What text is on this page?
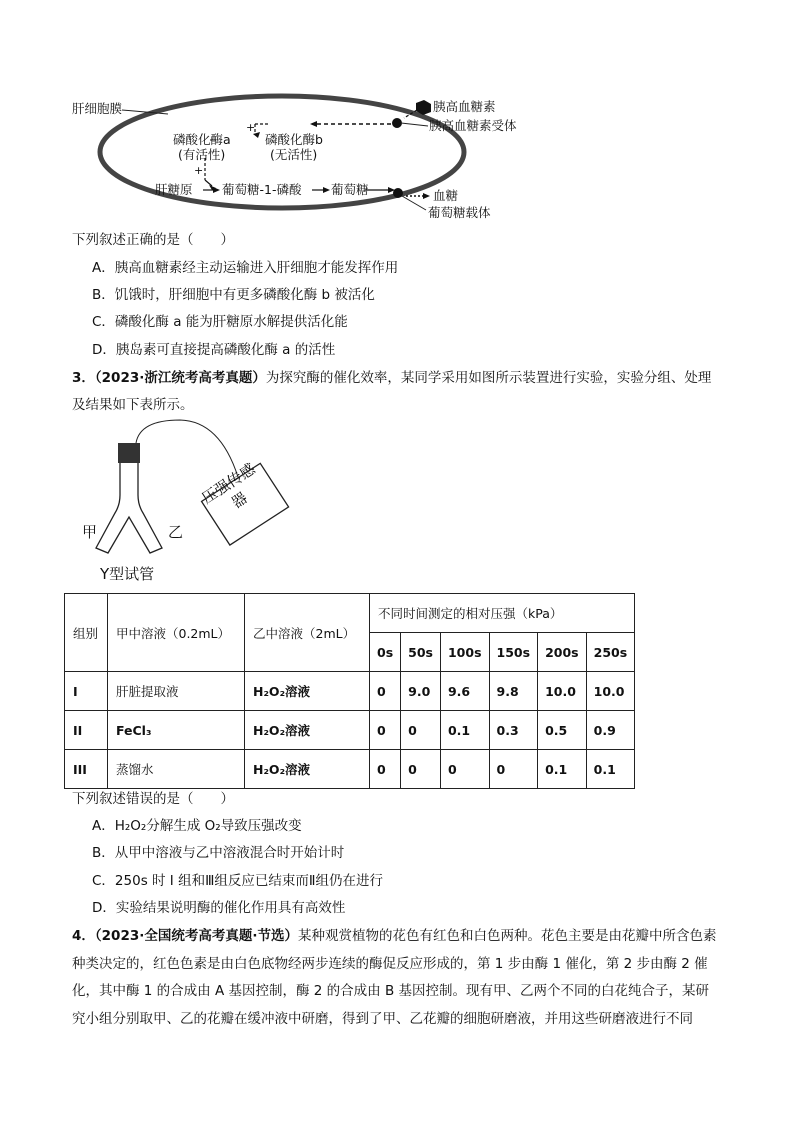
肝细胞膜	胰高血糖素
胰高血糖素受体
+
磷酸化酶a
(有活性)
磷酸化酶b
(无活性)
+
肝糖原 葡萄糖-1-磷酸 葡萄糖	血糖
葡萄糖载体
下列叙述正确的是（　　）
A．胰高血糖素经主动运输进入肝细胞才能发挥作用
B．饥饿时，肝细胞中有更多磷酸化酶 b 被活化
C．磷酸化酶 a 能为肝糖原水解提供活化能
D．胰岛素可直接提高磷酸化酶 a 的活性
3．（2023·浙江统考高考真题）为探究酶的催化效率，某同学采用如图所示装置进行实验，实验分组、处理
及结果如下表所示。
甲	乙
Y型试管
压强传感器
组别	甲中溶液（0.2mL）	乙中溶液（2mL）	不同时间测定的相对压强（kPa）					
			0s	50s	100s	150s	200s	250s
I	肝脏提取液	H₂O₂溶液	0	9.0	9.6	9.8	10.0	10.0
II	FeCl₃	H₂O₂溶液	0	0	0.1	0.3	0.5	0.9
III	蒸馏水	H₂O₂溶液	0	0	0	0	0.1	0.1
下列叙述错误的是（　　）
A．H₂O₂分解生成 O₂导致压强改变
B．从甲中溶液与乙中溶液混合时开始计时
C．250s 时 I 组和Ⅲ组反应已结束而Ⅱ组仍在进行
D．实验结果说明酶的催化作用具有高效性
4．（2023·全国统考高考真题·节选）某种观赏植物的花色有红色和白色两种。花色主要是由花瓣中所含色素
种类决定的，红色色素是由白色底物经两步连续的酶促反应形成的，第 1 步由酶 1 催化，第 2 步由酶 2 催
化，其中酶 1 的合成由 A 基因控制，酶 2 的合成由 B 基因控制。现有甲、乙两个不同的白花纯合子，某研
究小组分别取甲、乙的花瓣在缓冲液中研磨，得到了甲、乙花瓣的细胞研磨液，并用这些研磨液进行不同
